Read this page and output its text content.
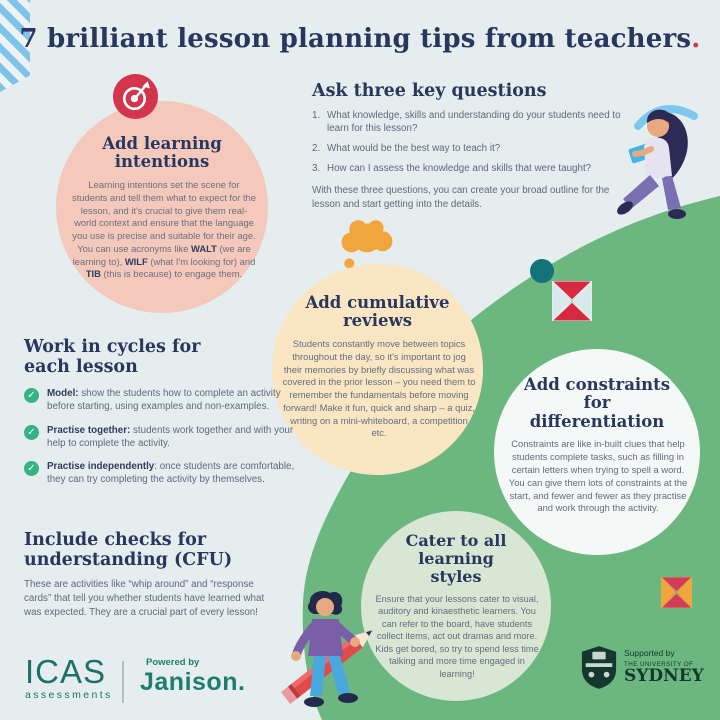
7 brilliant lesson planning tips from teachers.
Add learning intentions
Learning intentions set the scene for students and tell them what to expect for the lesson, and it's crucial to give them real-world context and ensure that the language you use is precise and suitable for their age. You can use acronyms like WALT (we are learning to), WILF (what I'm looking for) and TIB (this is because) to engage them.
Ask three key questions
1. What knowledge, skills and understanding do your students need to learn for this lesson?
2. What would be the best way to teach it?
3. How can I assess the knowledge and skills that were taught?
With these three questions, you can create your broad outline for the lesson and start getting into the details.
Add cumulative reviews
Students constantly move between topics throughout the day, so it's important to jog their memories by briefly discussing what was covered in the prior lesson – you need them to remember the fundamentals before moving forward! Make it fun, quick and sharp – a quiz, writing on a mini-whiteboard, a competition etc.
Work in cycles for each lesson
✓	Model: show the students how to complete an activity before starting, using examples and non-examples.
✓	Practise together: students work together and with your help to complete the activity.
✓	Practise independently: once students are comfortable, they can try completing the activity by themselves.
Add constraints for differentiation
Constraints are like in-built clues that help students complete tasks, such as filling in certain letters when trying to spell a word. You can give them lots of constraints at the start, and fewer and fewer as they practise and work through the activity.
Include checks for understanding (CFU)
These are activities like “whip around” and “response cards” that tell you whether students have learned what was expected. They are a crucial part of every lesson!
Cater to all learning styles
Ensure that your lessons cater to visual, auditory and kinaesthetic learners. You can refer to the board, have students collect items, act out dramas and more. Kids get bored, so try to spend less time talking and more time engaged in learning!
ICAS
assessments
Powered by
Janison.
Supported by
THE UNIVERSITY OF
SYDNEY
